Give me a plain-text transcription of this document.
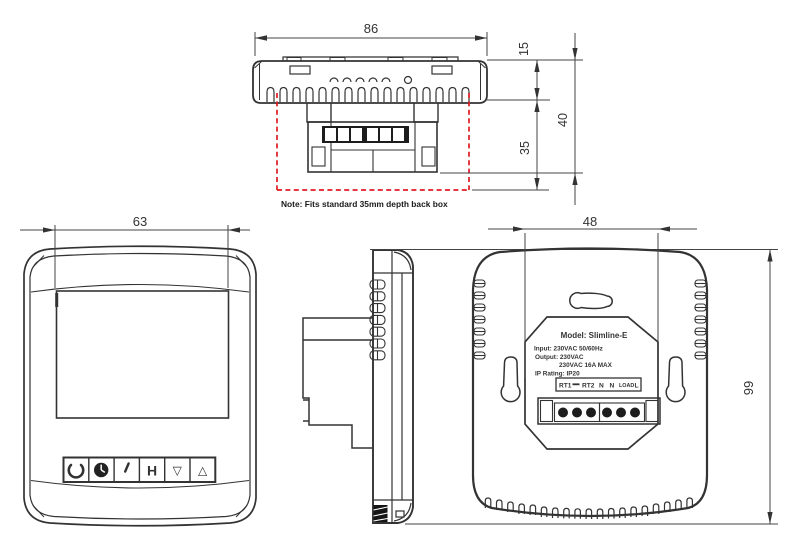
86
15
35
40
Note: Fits standard 35mm depth back box
H ▽ △
63
Model: Slimline-E
Input: 230VAC 50/60Hz
Output: 230VAC
230VAC 16A MAX
IP Rating: IP20
RT1 RT2 N N LOAD L
48
99
